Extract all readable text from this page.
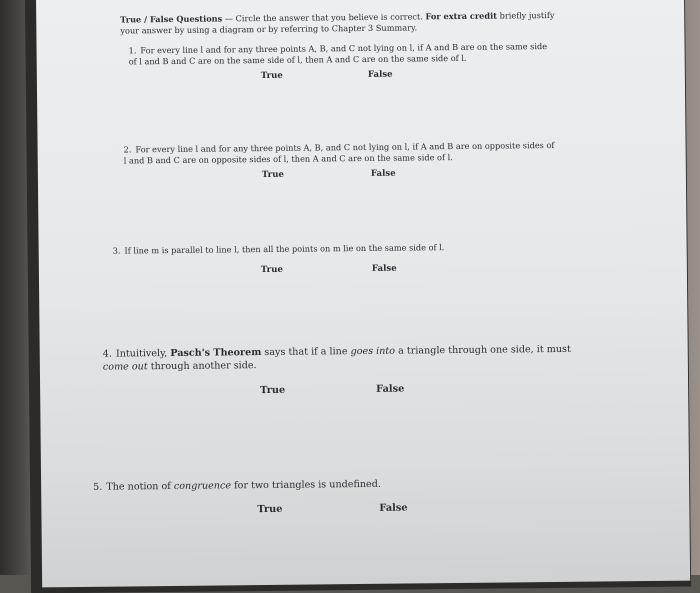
True / False Questions — Circle the answer that you believe is correct. For extra credit briefly justify your answer by using a diagram or by referring to Chapter 3 Summary.
1. For every line l and for any three points A, B, and C not lying on l, if A and B are on the same side of l and B and C are on the same side of l, then A and C are on the same side of l.
True	False
2. For every line l and for any three points A, B, and C not lying on l, if A and B are on opposite sides of l and B and C are on opposite sides of l, then A and C are on the same side of l.
True	False
3. If line m is parallel to line l, then all the points on m lie on the same side of l.
True	False
4. Intuitively, Pasch's Theorem says that if a line goes into a triangle through one side, it must come out through another side.
True	False
5. The notion of congruence for two triangles is undefined.
True	False
